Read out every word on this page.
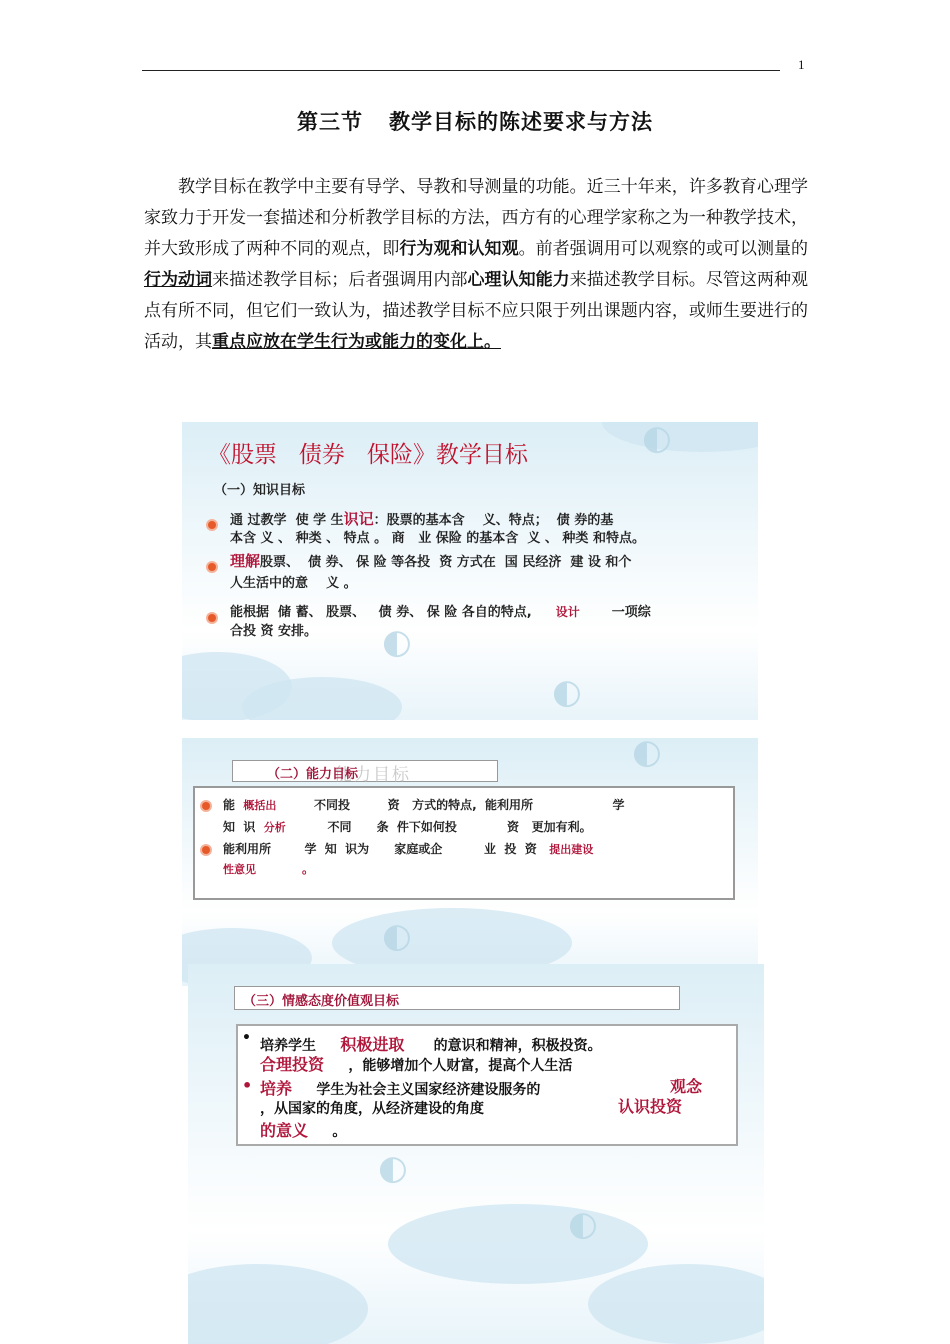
1
第三节 教学目标的陈述要求与方法
教学目标在教学中主要有导学、导教和导测量的功能。近三十年来，许多教育心理学家致力于开发一套描述和分析教学目标的方法，西方有的心理学家称之为一种教学技术，并大致形成了两种不同的观点，即行为观和认知观。前者强调用可以观察的或可以测量的行为动词来描述教学目标；后者强调用内部心理认知能力来描述教学目标。尽管这两种观点有所不同，但它们一致认为，描述教学目标不应只限于列出课题内容，或师生要进行的活动，其重点应放在学生行为或能力的变化上。
◐
◐
◐
《股票   债券   保险》教学目标
（一）知识目标
通 过教学  使 学 生识记：股票的基本含    义、特点；  债 券的基
本含 义 、 种类 、 特点 。 商   业 保险 的基本含  义 、 种类 和特点。
理解股票、  债 券、 保 险 等各投  资 方式在  国 民经济  建 设 和个
人生活中的意    义 。
能根据  储 蓄、 股票、   债 券、 保 险 各自的特点, 设计 一项综
合投 资 安排。
◐
◐
能力目标
（二）能力目标
能 概括出	不同投         资   方式的特点,  能利用所	学
知  识 分析	不同      条  件下如何投            资   更加有利。
能利用所	学  知  识为      家庭或企          业  投  资 提出建设
性意见	。
◐
◐
（三）情感态度价值观目标
• 培养学生 积极进取 的意识和精神，积极投资。
合理投资 ，能够增加个人财富，提高个人生活
• 培养 学生为社会主义国家经济建设服务的	观念
，从国家的角度，从经济建设的角度	认识投资
的意义 。
